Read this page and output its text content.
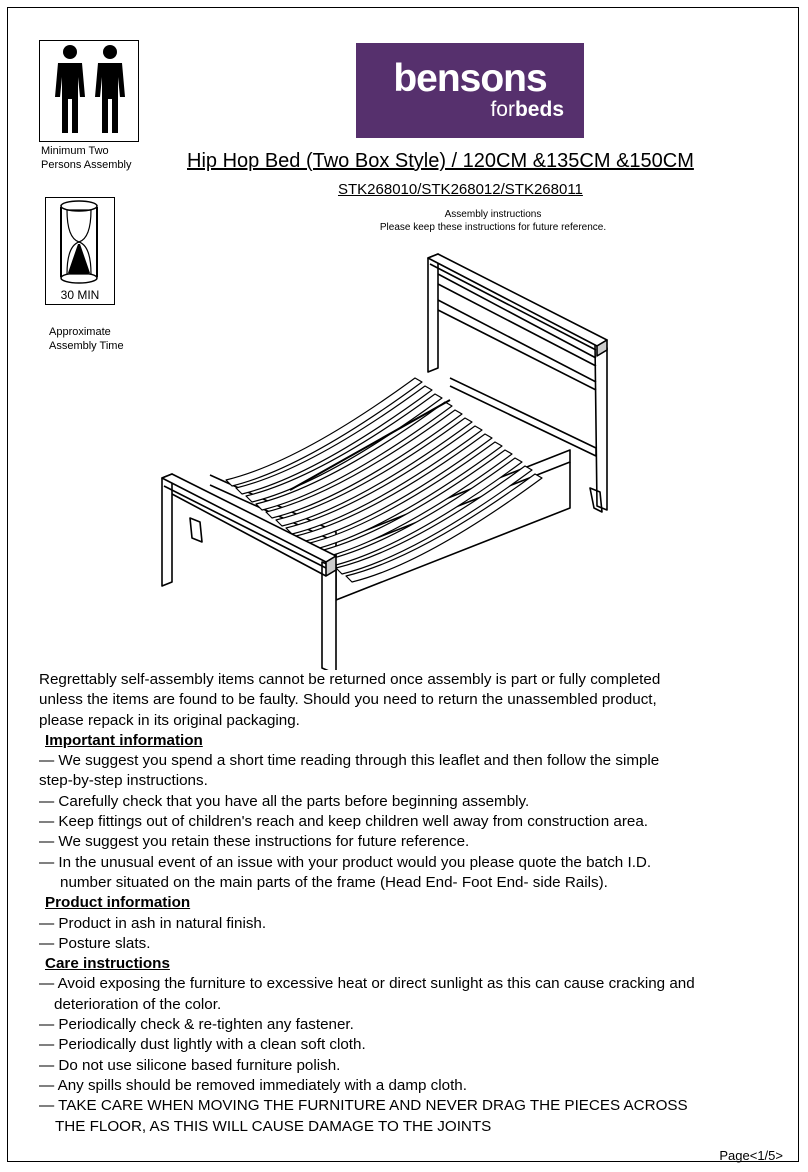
Minimum Two
Persons Assembly
30 MIN
Approximate
Assembly Time
bensons
forbeds
Hip Hop Bed (Two Box Style) / 120CM &135CM &150CM
STK268010/STK268012/STK268011
Assembly instructions
Please keep these instructions for future reference.

Regrettably self-assembly items cannot be returned once assembly is part or fully completed

unless the items are found to be faulty. Should you need to return the unassembled product,

please repack in its original packaging.

Important information

— We suggest you spend a short time reading through this leaflet and then follow the simple

step-by-step instructions.

— Carefully check that you have all the parts before beginning assembly.

— Keep fittings out of children's reach and keep children well away from construction area.

— We suggest you retain these instructions for future reference.

— In the unusual event of an issue with your product would you please quote the batch I.D.

number situated on the main parts of the frame (Head End- Foot End- side Rails).

Product information

— Product in ash in natural finish.

— Posture slats.

Care instructions

— Avoid exposing the furniture to excessive heat or direct sunlight as this can cause cracking and

deterioration of the color.

— Periodically check & re-tighten any fastener.

— Periodically dust lightly with a clean soft cloth.

— Do not use silicone based furniture polish.

— Any spills should be removed immediately with a damp cloth.

— TAKE CARE WHEN MOVING THE FURNITURE AND NEVER DRAG THE PIECES ACROSS

THE FLOOR, AS THIS WILL CAUSE DAMAGE TO THE JOINTS

Page<1/5>
